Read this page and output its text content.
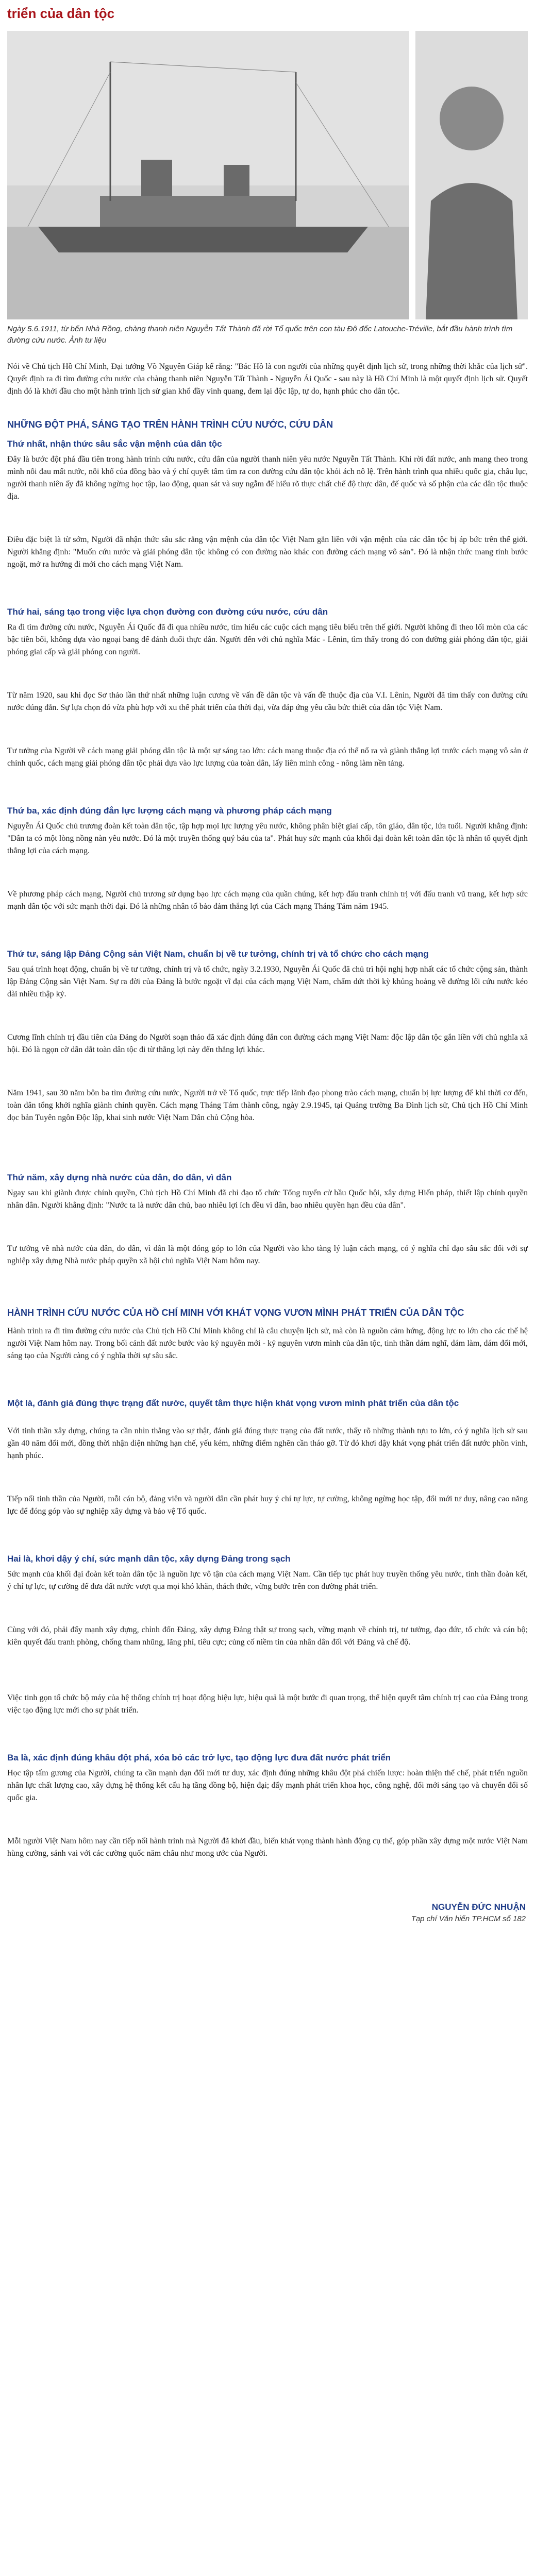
triển của dân tộc
Ngày 5.6.1911, từ bến Nhà Rồng, chàng thanh niên Nguyễn Tất Thành đã rời Tổ quốc trên con tàu Đô đốc Latouche-Tréville, bắt đầu hành trình tìm đường cứu nước. Ảnh tư liệu
Nói về Chủ tịch Hồ Chí Minh, Đại tướng Võ Nguyên Giáp kể rằng: "Bác Hồ là con người của những quyết định lịch sử, trong những thời khắc của lịch sử". Quyết định ra đi tìm đường cứu nước của chàng thanh niên Nguyễn Tất Thành - Nguyễn Ái Quốc - sau này là Hồ Chí Minh là một quyết định lịch sử. Quyết định đó là khởi đầu cho một hành trình lịch sử gian khổ đầy vinh quang, đem lại độc lập, tự do, hạnh phúc cho dân tộc.
NHỮNG ĐỘT PHÁ, SÁNG TẠO TRÊN HÀNH TRÌNH CỨU NƯỚC, CỨU DÂN
Thứ nhất, nhận thức sâu sắc vận mệnh của dân tộc
Đây là bước đột phá đầu tiên trong hành trình cứu nước, cứu dân của người thanh niên yêu nước Nguyễn Tất Thành. Khi rời đất nước, anh mang theo trong mình nỗi đau mất nước, nỗi khổ của đồng bào và ý chí quyết tâm tìm ra con đường cứu dân tộc khỏi ách nô lệ. Trên hành trình qua nhiều quốc gia, châu lục, người thanh niên ấy đã không ngừng học tập, lao động, quan sát và suy ngẫm để hiểu rõ thực chất chế độ thực dân, đế quốc và số phận của các dân tộc thuộc địa.
Điều đặc biệt là từ sớm, Người đã nhận thức sâu sắc rằng vận mệnh của dân tộc Việt Nam gắn liền với vận mệnh của các dân tộc bị áp bức trên thế giới. Người khẳng định: "Muốn cứu nước và giải phóng dân tộc không có con đường nào khác con đường cách mạng vô sản". Đó là nhận thức mang tính bước ngoặt, mở ra hướng đi mới cho cách mạng Việt Nam.
Thứ hai, sáng tạo trong việc lựa chọn đường con đường cứu nước, cứu dân
Ra đi tìm đường cứu nước, Nguyễn Ái Quốc đã đi qua nhiều nước, tìm hiểu các cuộc cách mạng tiêu biểu trên thế giới. Người không đi theo lối mòn của các bậc tiền bối, không dựa vào ngoại bang để đánh đuổi thực dân. Người đến với chủ nghĩa Mác - Lênin, tìm thấy trong đó con đường giải phóng dân tộc, giải phóng giai cấp và giải phóng con người.
Từ năm 1920, sau khi đọc Sơ thảo lần thứ nhất những luận cương về vấn đề dân tộc và vấn đề thuộc địa của V.I. Lênin, Người đã tìm thấy con đường cứu nước đúng đắn. Sự lựa chọn đó vừa phù hợp với xu thế phát triển của thời đại, vừa đáp ứng yêu cầu bức thiết của dân tộc Việt Nam.
Tư tưởng của Người về cách mạng giải phóng dân tộc là một sự sáng tạo lớn: cách mạng thuộc địa có thể nổ ra và giành thắng lợi trước cách mạng vô sản ở chính quốc, cách mạng giải phóng dân tộc phải dựa vào lực lượng của toàn dân, lấy liên minh công - nông làm nền tảng.
Thứ ba, xác định đúng đắn lực lượng cách mạng và phương pháp cách mạng
Nguyễn Ái Quốc chủ trương đoàn kết toàn dân tộc, tập hợp mọi lực lượng yêu nước, không phân biệt giai cấp, tôn giáo, dân tộc, lứa tuổi. Người khẳng định: "Dân ta có một lòng nồng nàn yêu nước. Đó là một truyền thống quý báu của ta". Phát huy sức mạnh của khối đại đoàn kết toàn dân tộc là nhân tố quyết định thắng lợi của cách mạng.
Về phương pháp cách mạng, Người chủ trương sử dụng bạo lực cách mạng của quần chúng, kết hợp đấu tranh chính trị với đấu tranh vũ trang, kết hợp sức mạnh dân tộc với sức mạnh thời đại. Đó là những nhân tố bảo đảm thắng lợi của Cách mạng Tháng Tám năm 1945.
Thứ tư, sáng lập Đảng Cộng sản Việt Nam, chuẩn bị về tư tưởng, chính trị và tổ chức cho cách mạng
Sau quá trình hoạt động, chuẩn bị về tư tưởng, chính trị và tổ chức, ngày 3.2.1930, Nguyễn Ái Quốc đã chủ trì hội nghị hợp nhất các tổ chức cộng sản, thành lập Đảng Cộng sản Việt Nam. Sự ra đời của Đảng là bước ngoặt vĩ đại của cách mạng Việt Nam, chấm dứt thời kỳ khủng hoảng về đường lối cứu nước kéo dài nhiều thập kỷ.
Cương lĩnh chính trị đầu tiên của Đảng do Người soạn thảo đã xác định đúng đắn con đường cách mạng Việt Nam: độc lập dân tộc gắn liền với chủ nghĩa xã hội. Đó là ngọn cờ dẫn dắt toàn dân tộc đi từ thắng lợi này đến thắng lợi khác.
Năm 1941, sau 30 năm bôn ba tìm đường cứu nước, Người trở về Tổ quốc, trực tiếp lãnh đạo phong trào cách mạng, chuẩn bị lực lượng để khi thời cơ đến, toàn dân tổng khởi nghĩa giành chính quyền. Cách mạng Tháng Tám thành công, ngày 2.9.1945, tại Quảng trường Ba Đình lịch sử, Chủ tịch Hồ Chí Minh đọc bản Tuyên ngôn Độc lập, khai sinh nước Việt Nam Dân chủ Cộng hòa.
Thứ năm, xây dựng nhà nước của dân, do dân, vì dân
Ngay sau khi giành được chính quyền, Chủ tịch Hồ Chí Minh đã chỉ đạo tổ chức Tổng tuyển cử bầu Quốc hội, xây dựng Hiến pháp, thiết lập chính quyền nhân dân. Người khẳng định: "Nước ta là nước dân chủ, bao nhiêu lợi ích đều vì dân, bao nhiêu quyền hạn đều của dân".
Tư tưởng về nhà nước của dân, do dân, vì dân là một đóng góp to lớn của Người vào kho tàng lý luận cách mạng, có ý nghĩa chỉ đạo sâu sắc đối với sự nghiệp xây dựng Nhà nước pháp quyền xã hội chủ nghĩa Việt Nam hôm nay.
HÀNH TRÌNH CỨU NƯỚC CỦA HỒ CHÍ MINH VỚI KHÁT VỌNG VƯƠN MÌNH PHÁT TRIỂN CỦA DÂN TỘC
Hành trình ra đi tìm đường cứu nước của Chủ tịch Hồ Chí Minh không chỉ là câu chuyện lịch sử, mà còn là nguồn cảm hứng, động lực to lớn cho các thế hệ người Việt Nam hôm nay. Trong bối cảnh đất nước bước vào kỷ nguyên mới - kỷ nguyên vươn mình của dân tộc, tinh thần dám nghĩ, dám làm, dám đổi mới, sáng tạo của Người càng có ý nghĩa thời sự sâu sắc.
Một là, đánh giá đúng thực trạng đất nước, quyết tâm thực hiện khát vọng vươn mình phát triển của dân tộc
Với tinh thần xây dựng, chúng ta cần nhìn thẳng vào sự thật, đánh giá đúng thực trạng của đất nước, thấy rõ những thành tựu to lớn, có ý nghĩa lịch sử sau gần 40 năm đổi mới, đồng thời nhận diện những hạn chế, yếu kém, những điểm nghẽn cần tháo gỡ. Từ đó khơi dậy khát vọng phát triển đất nước phồn vinh, hạnh phúc.
Tiếp nối tinh thần của Người, mỗi cán bộ, đảng viên và người dân cần phát huy ý chí tự lực, tự cường, không ngừng học tập, đổi mới tư duy, nâng cao năng lực để đóng góp vào sự nghiệp xây dựng và bảo vệ Tổ quốc.
Hai là, khơi dậy ý chí, sức mạnh dân tộc, xây dựng Đảng trong sạch
Sức mạnh của khối đại đoàn kết toàn dân tộc là nguồn lực vô tận của cách mạng Việt Nam. Cần tiếp tục phát huy truyền thống yêu nước, tinh thần đoàn kết, ý chí tự lực, tự cường để đưa đất nước vượt qua mọi khó khăn, thách thức, vững bước trên con đường phát triển.
Cùng với đó, phải đẩy mạnh xây dựng, chỉnh đốn Đảng, xây dựng Đảng thật sự trong sạch, vững mạnh về chính trị, tư tưởng, đạo đức, tổ chức và cán bộ; kiên quyết đấu tranh phòng, chống tham nhũng, lãng phí, tiêu cực; củng cố niềm tin của nhân dân đối với Đảng và chế độ.
Việc tinh gọn tổ chức bộ máy của hệ thống chính trị hoạt động hiệu lực, hiệu quả là một bước đi quan trọng, thể hiện quyết tâm chính trị cao của Đảng trong việc tạo động lực mới cho sự phát triển.
Ba là, xác định đúng khâu đột phá, xóa bỏ các trở lực, tạo động lực đưa đất nước phát triển
Học tập tấm gương của Người, chúng ta cần mạnh dạn đổi mới tư duy, xác định đúng những khâu đột phá chiến lược: hoàn thiện thể chế, phát triển nguồn nhân lực chất lượng cao, xây dựng hệ thống kết cấu hạ tầng đồng bộ, hiện đại; đẩy mạnh phát triển khoa học, công nghệ, đổi mới sáng tạo và chuyển đổi số quốc gia.
Mỗi người Việt Nam hôm nay cần tiếp nối hành trình mà Người đã khởi đầu, biến khát vọng thành hành động cụ thể, góp phần xây dựng một nước Việt Nam hùng cường, sánh vai với các cường quốc năm châu như mong ước của Người.
NGUYỄN ĐỨC NHUẬN
Tạp chí Văn hiến TP.HCM số 182
